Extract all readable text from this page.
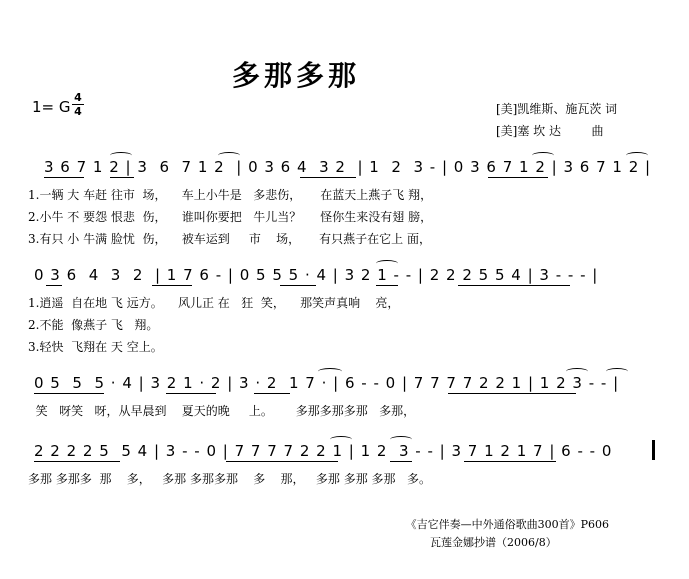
多那多那
1= G
4
4	[美]凯维斯、施瓦茨 词
[美]塞 坎 达        曲
3 6 7 1 2 | 3  6  7 1 2  | 0 3 6 4  3 2  | 1  2  3 - | 0 3 6 7 1 2 | 3 6 7 1 2 |
1.一辆 大 车赶 往市  场，    车上小牛是   多悲伤，     在蓝天上燕子飞 翔，
2.小牛 不 要怨 恨悲  伤，    谁叫你要把   牛儿当？     怪你生来没有翅 膀，
3.有只 小 牛满 脸忧  伤，    被车运到     市    场，     有只燕子在它上 面，
0 3 6  4  3  2  | 1 7 6 - | 0 5 5 5 · 4 | 3 2 1 - - | 2 2 2 5 5 4 | 3 - - - |
1.逍遥  自在地 飞 远方。    风儿正 在   狂  笑，    那笑声真响    亮，
2.不能  像燕子 飞   翔。
3.轻快  飞翔在 天 空上。
0 5  5  5 · 4 | 3 2 1 · 2 | 3 · 2  1 7 · | 6 - - 0 | 7 7 7 7 2 2 1 | 1 2 3 - - |
笑   呀笑   呀，从早晨到    夏天的晚     上。      多那多那多那   多那，
2 2 2 2 5  5 4 | 3 - - 0 | 7 7 7 7 2 2 1 | 1 2  3 - - | 3 7 1 2 1 7 | 6 - - 0
多那 多那多  那    多，   多那 多那多那    多    那，   多那 多那 多那   多。
《吉它伴奏—中外通俗歌曲300首》P606
瓦莲金娜抄谱（2006/8）
